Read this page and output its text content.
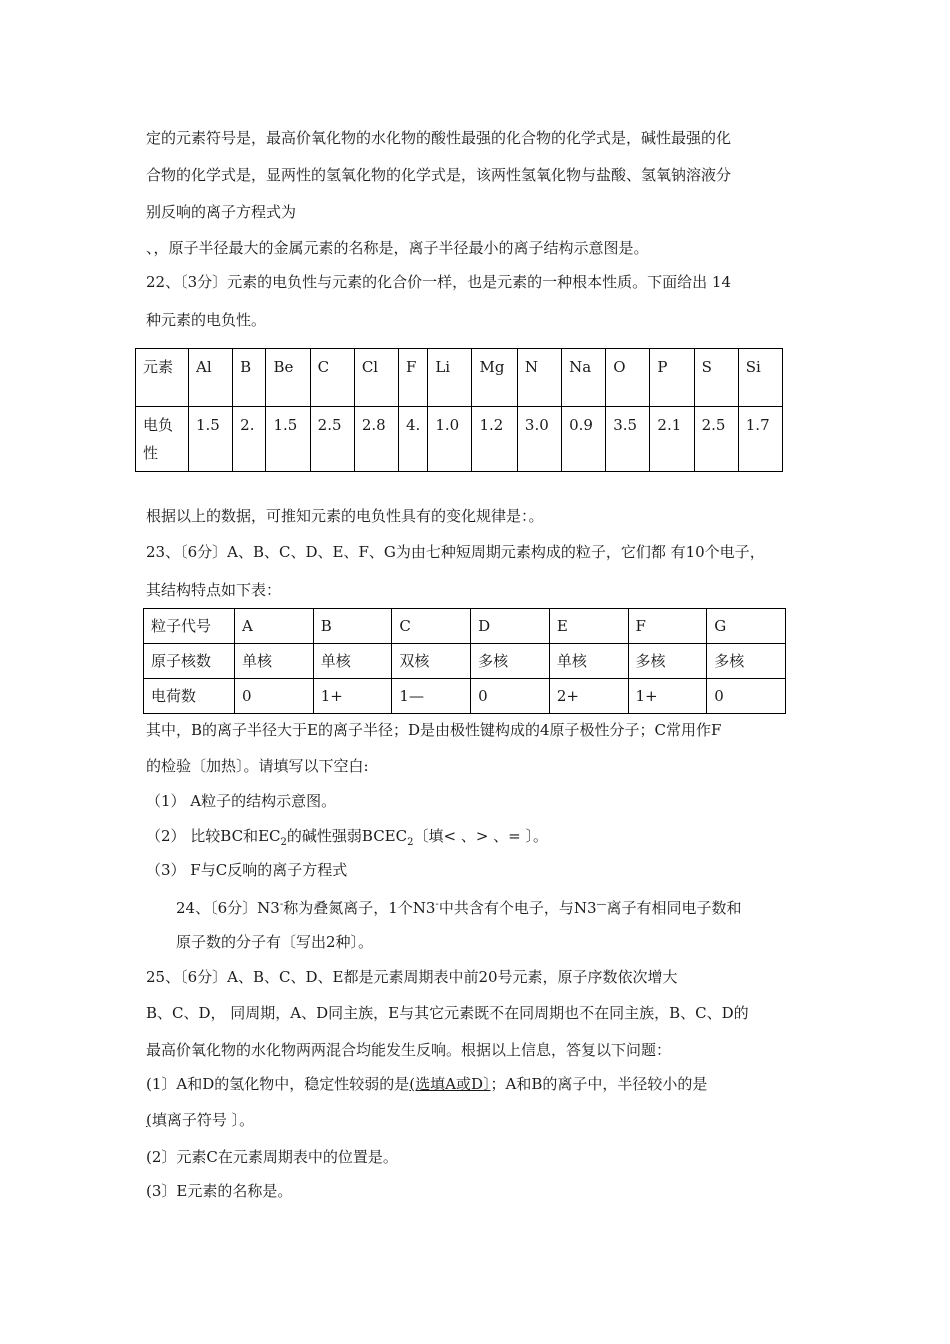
定的元素符号是，最高价氧化物的水化物的酸性最强的化合物的化学式是，碱性最强的化
合物的化学式是，显两性的氢氧化物的化学式是，该两性氢氧化物与盐酸、氢氧钠溶液分
别反响的离子方程式为
、，原子半径最大的金属元素的名称是，离子半径最小的离子结构示意图是。
22、〔3分〕元素的电负性与元素的化合价一样，也是元素的一种根本性质。下面给出 14
种元素的电负性。
元素	Al	B	Be	C	Cl	F	Li	Mg	N	Na	O	P	S	Si
电负性	1.5	2.	1.5	2.5	2.8	4.	1.0	1.2	3.0	0.9	3.5	2.1	2.5	1.7
根据以上的数据，可推知元素的电负性具有的变化规律是：。
23、〔6分〕A、B、C、D、E、F、G为由七种短周期元素构成的粒子，它们都 有10个电子，
其结构特点如下表：
粒子代号	A	B	C	D	E	F	G
原子核数	单核	单核	双核	多核	单核	多核	多核
电荷数	0	1+	1—	0	2+	1+	0
其中，B的离子半径大于E的离子半径；D是由极性键构成的4原子极性分子；C常用作F
的检验〔加热〕。请填写以下空白:
（1） A粒子的结构示意图。
（2） 比较BC和$EC_2$的碱性强弱$BCEC_2$〔填< 、> 、= 〕。
（3） F与C反响的离子方程式
24、〔6分〕N3-称为叠氮离子，1个N3-中共含有个电子，与N3—离子有相同电子数和
原子数的分子有〔写出2种〕。
25、〔6分〕A、B、C、D、E都是元素周期表中前20号元素，原子序数依次增大
B、C、D， 同周期，A、D同主族，E与其它元素既不在同周期也不在同主族，B、C、D的
最高价氧化物的水化物两两混合均能发生反响。根据以上信息，答复以下问题：
(1〕A和D的氢化物中，稳定性较弱的是(选填A或D〕；A和B的离子中，半径较小的是
(填离子符号 〕。
(2〕元素C在元素周期表中的位置是。
(3〕E元素的名称是。
